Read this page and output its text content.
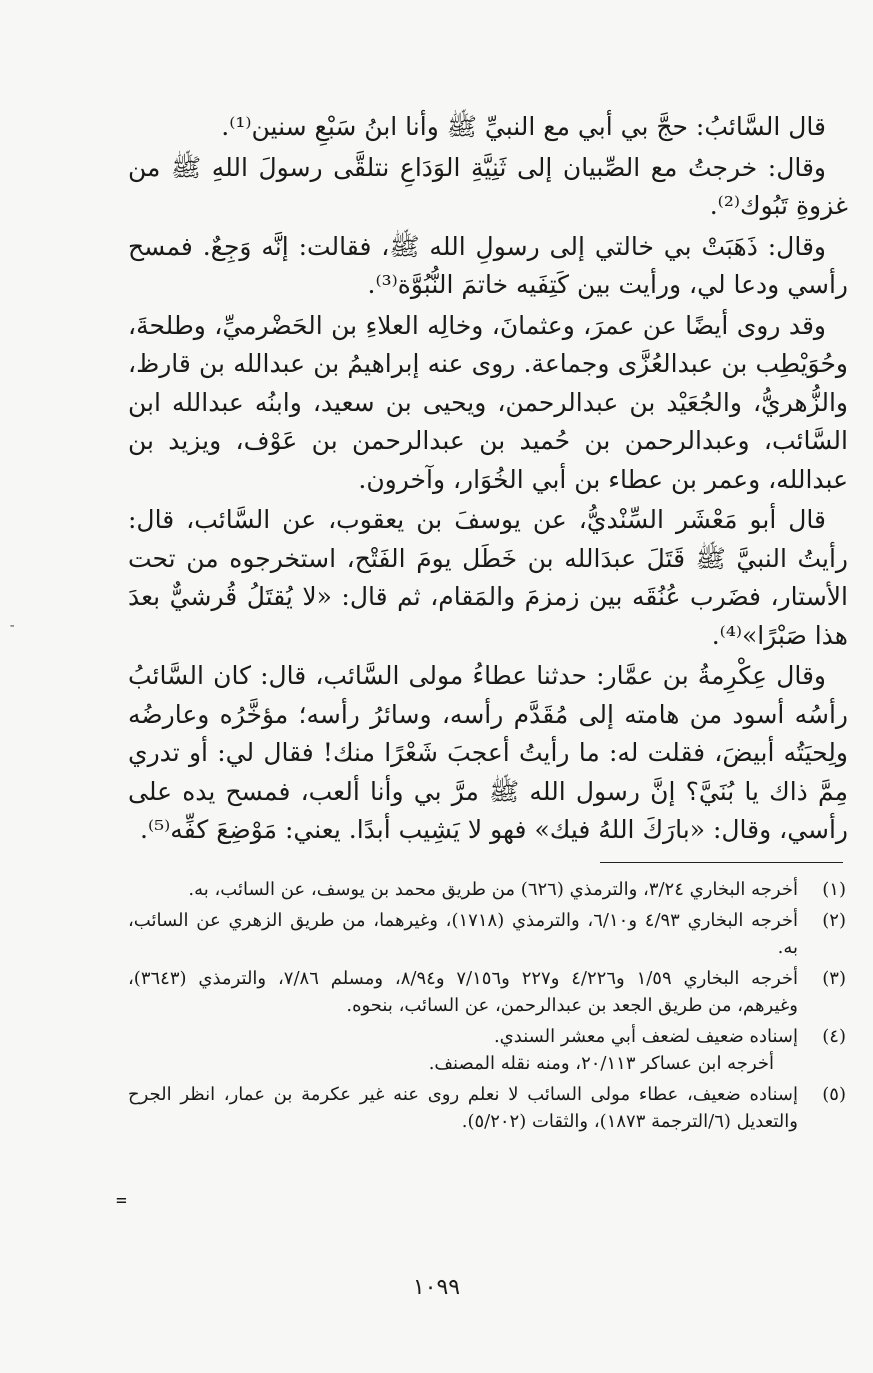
قال السَّائبُ: حجَّ بي أبي مع النبيِّ ﷺ وأنا ابنُ سَبْعِ سنين⁽¹⁾.

وقال: خرجتُ مع الصِّبيان إلى ثَنِيَّةِ الوَدَاعِ نتلقَّى رسولَ اللهِ ﷺ من غزوةِ تَبُوك⁽²⁾.

وقال: ذَهَبَتْ بي خالتي إلى رسولِ الله ﷺ، فقالت: إنَّه وَجِعٌ. فمسح رأسي ودعا لي، ورأيت بين كَتِفَيه خاتمَ النُّبُوَّة⁽³⁾.

وقد روى أيضًا عن عمرَ، وعثمانَ، وخالِه العلاءِ بن الحَضْرميِّ، وطلحةَ، وحُوَيْطِب بن عبدالعُزَّى وجماعة. روى عنه إبراهيمُ بن عبدالله بن قارظ، والزُّهريُّ، والجُعَيْد بن عبدالرحمن، ويحيى بن سعيد، وابنُه عبدالله ابن السَّائب، وعبدالرحمن بن حُميد بن عبدالرحمن بن عَوْف، ويزيد بن عبدالله، وعمر بن عطاء بن أبي الخُوَار، وآخرون.

قال أبو مَعْشَر السِّنْديُّ، عن يوسفَ بن يعقوب، عن السَّائب، قال: رأيتُ النبيَّ ﷺ قَتَلَ عبدَالله بن خَطَل يومَ الفَتْح، استخرجوه من تحت الأستار، فضَرب عُنُقَه بين زمزمَ والمَقام، ثم قال: «لا يُقتَلُ قُرشيٌّ بعدَ هذا صَبْرًا»⁽⁴⁾.

وقال عِكْرِمةُ بن عمَّار: حدثنا عطاءُ مولى السَّائب، قال: كان السَّائبُ رأسُه أسود من هامته إلى مُقَدَّم رأسه، وسائرُ رأسه؛ مؤخَّرُه وعارضُه ولِحيَتُه أبيضَ، فقلت له: ما رأيتُ أعجبَ شَعْرًا منك! فقال لي: أو تدري مِمَّ ذاك يا بُنَيَّ؟ إنَّ رسول الله ﷺ مرَّ بي وأنا ألعب، فمسح يده على رأسي، وقال: «بارَكَ اللهُ فيك» فهو لا يَشِيب أبدًا. يعني: مَوْضِعَ كفِّه⁽⁵⁾.

(١)
أخرجه البخاري ٣/٢٤، والترمذي (٦٢٦) من طريق محمد بن يوسف، عن السائب، به.
(٢)
أخرجه البخاري ٤/٩٣ و٦/١٠، والترمذي (١٧١٨)، وغيرهما، من طريق الزهري عن السائب، به.
(٣)
أخرجه البخاري ١/٥٩ و٤/٢٢٦ و٢٢٧ و٧/١٥٦ و٨/٩٤، ومسلم ٧/٨٦، والترمذي (٣٦٤٣)، وغيرهم، من طريق الجعد بن عبدالرحمن، عن السائب، بنحوه.
(٤)
إسناده ضعيف لضعف أبي معشر السندي.
أخرجه ابن عساكر ٢٠/١١٣، ومنه نقله المصنف.
(٥)
إسناده ضعيف، عطاء مولى السائب لا نعلم روى عنه غير عكرمة بن عمار، انظر الجرح والتعديل (٦/الترجمة ١٨٧٣)، والثقات (٥/٢٠٢).
=
-
١٠٩٩
